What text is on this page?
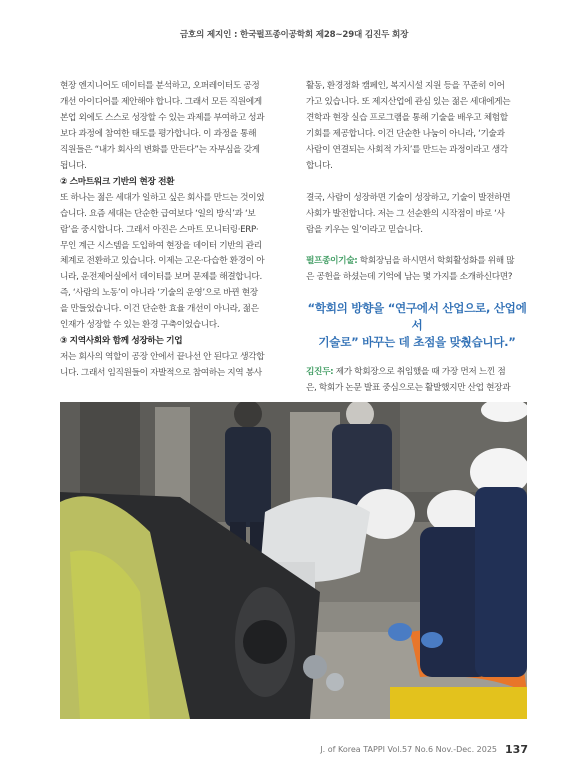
금호의 제지인 : 한국펄프종이공학회 제28~29대 김진두 회장

현장 엔지니어도 데이터를 분석하고, 오퍼레이터도 공정
개선 아이디어를 제안해야 합니다. 그래서 모든 직원에게
본업 외에도 스스로 성장할 수 있는 과제를 부여하고 성과
보다 과정에 참여한 태도를 평가합니다. 이 과정을 통해
직원들은 “내가 회사의 변화를 만든다”는 자부심을 갖게
됩니다.

② 스마트워크 기반의 현장 전환

또 하나는 젊은 세대가 일하고 싶은 회사를 만드는 것이었
습니다. 요즘 세대는 단순한 급여보다 ‘일의 방식’과 ‘보
람’을 중시합니다. 그래서 아진은 스마트 모니터링·ERP·
무인 계근 시스템을 도입하여 현장을 데이터 기반의 관리
체계로 전환하고 있습니다. 이제는 고온·다습한 환경이 아
니라, 운전제어실에서 데이터를 보며 문제를 해결합니다.
즉, ‘사람의 노동’이 아니라 ‘기술의 운영’으로 바뀐 현장
을 만들었습니다. 이건 단순한 효율 개선이 아니라, 젊은
인재가 성장할 수 있는 환경 구축이었습니다.

③ 지역사회와 함께 성장하는 기업

저는 회사의 역할이 공장 안에서 끝나선 안 된다고 생각합
니다. 그래서 임직원들이 자발적으로 참여하는 지역 봉사

활동, 환경정화 캠페인, 복지시설 지원 등을 꾸준히 이어
가고 있습니다. 또 제지산업에 관심 있는 젊은 세대에게는
견학과 현장 실습 프로그램을 통해 기술을 배우고 체험할
기회를 제공합니다. 이건 단순한 나눔이 아니라, ‘기술과
사람이 연결되는 사회적 가치’를 만드는 과정이라고 생각
합니다.

결국, 사람이 성장하면 기술이 성장하고, 기술이 발전하면
사회가 발전합니다. 저는 그 선순환의 시작점이 바로 ‘사
람을 키우는 일’이라고 믿습니다.

펄프종이기술: 학회장님을 하시면서 학회활성화를 위해 많
은 공헌을 하셨는데 기억에 남는 몇 가지를 소개하신다면?

“학회의 방향을 “연구에서 산업으로, 산업에서
기술로” 바꾸는 데 초점을 맞췄습니다.”

김진두: 제가 학회장으로 취임했을 때 가장 먼저 느낀 점
은, 학회가 논문 발표 중심으로는 활발했지만 산업 현장과

J. of Korea TAPPI Vol.57 No.6 Nov.-Dec. 2025 137
